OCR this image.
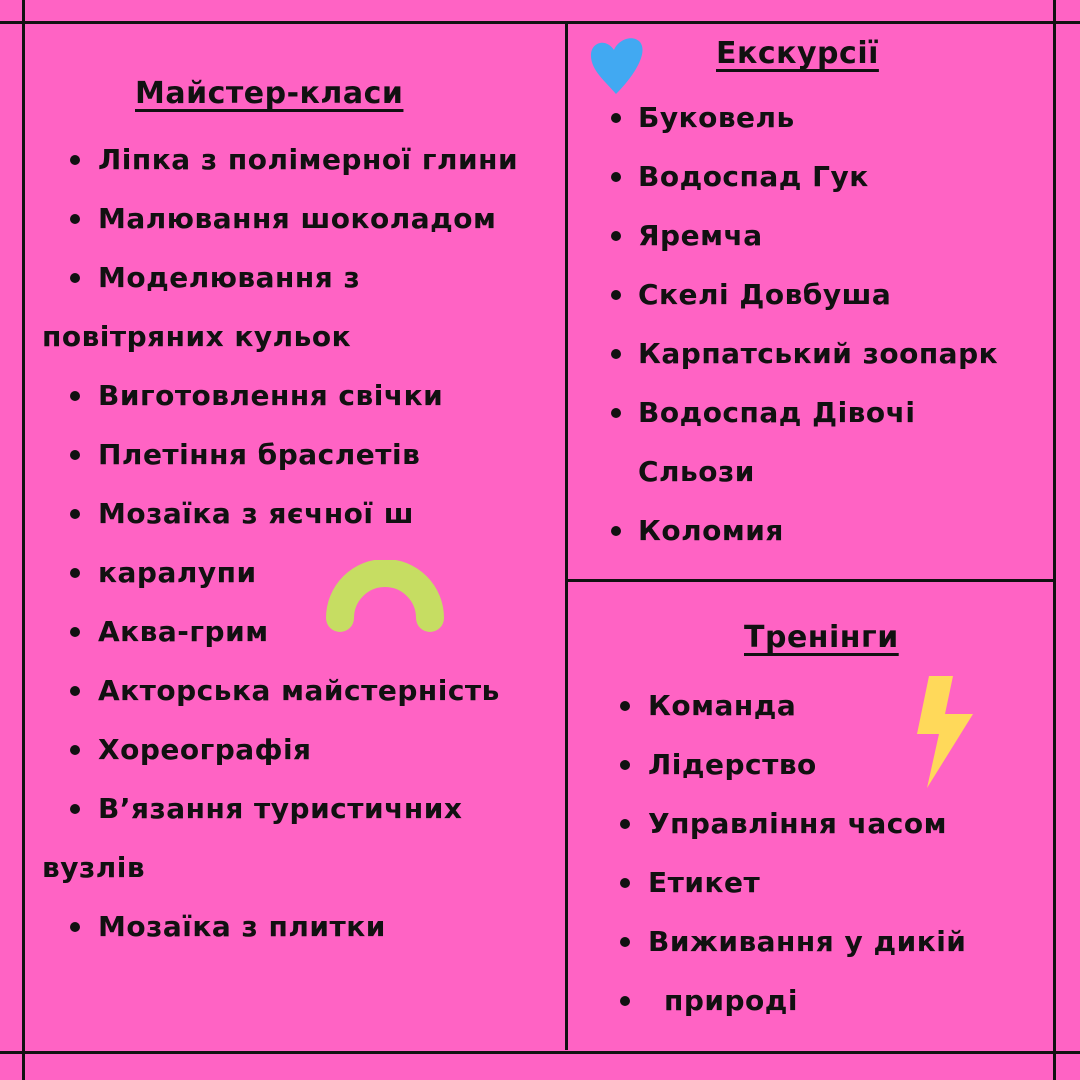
Майстер-класи
Ліпка з полімерної глини
Малювання шоколадом
Моделювання з
повітряних кульок
Виготовлення свічки
Плетіння браслетів
Мозаїка з яєчної ш
каралупи
Аква-грим
Акторська майстерність
Хореографія
В’язання туристичних
вузлів
Мозаїка з плитки
Екскурсії
Буковель
Водоспад Гук
Яремча
Скелі Довбуша
Карпатський зоопарк
Водоспад Дівочі
Сльози
Коломия
Тренінги
Команда
Лідерство
Управління часом
Етикет
Виживання у дикій
природі
